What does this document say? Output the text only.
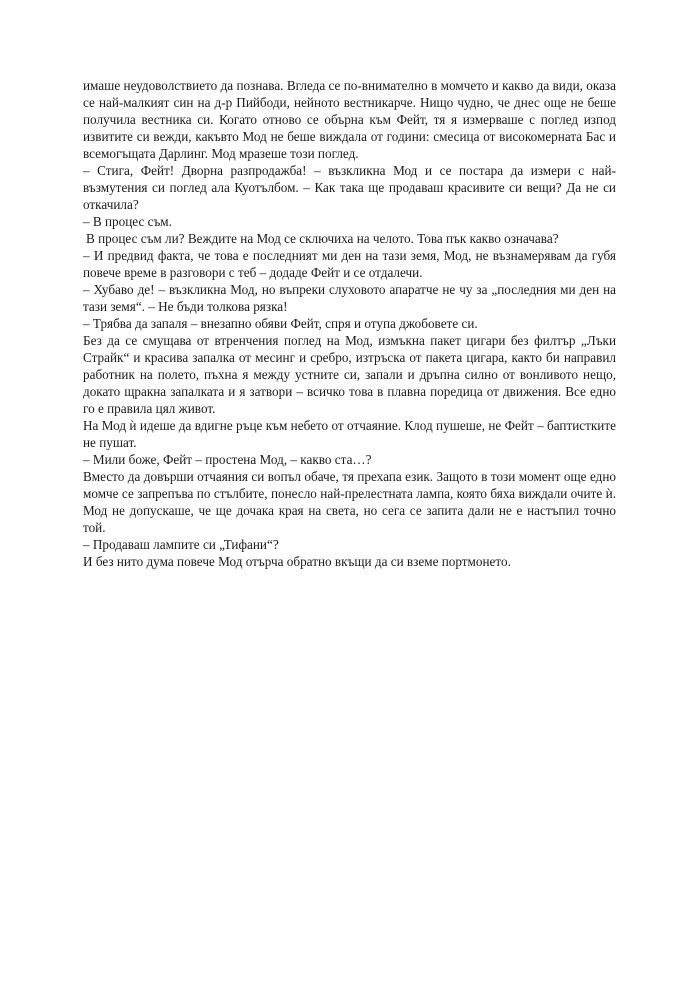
имаше неудоволствието да познава. Вгледа се по-внимателно в момчето и какво да види, оказа се най-малкият син на д-р Пийбоди, нейното вестникарче. Нищо чудно, че днес още не беше получила вестника си. Когато отново се обърна към Фейт, тя я измерваше с поглед изпод извитите си вежди, какъвто Мод не беше виждала от години: смесица от високомерната Бас и всемогъщата Дарлинг. Мод мразеше този поглед.

– Стига, Фейт! Дворна разпродажба! – възкликна Мод и се постара да измери с най-възмутения си поглед ала Куотълбом. – Как така ще продаваш красивите си вещи? Да не си откачила?

– В процес съм.

В процес съм ли? Веждите на Мод се сключиха на челото. Това пък какво означава?

– И предвид факта, че това е последният ми ден на тази земя, Мод, не възнамерявам да губя повече време в разговори с теб – додаде Фейт и се отдалечи.

– Хубаво де! – възкликна Мод, но въпреки слуховото апаратче не чу за „последния ми ден на тази земя“. – Не бъди толкова рязка!

– Трябва да запаля – внезапно обяви Фейт, спря и отупа джобовете си.

Без да се смущава от втренчения поглед на Мод, измъкна пакет цигари без филтър „Лъки Страйк“ и красива запалка от месинг и сребро, изтръска от пакета цигара, както би направил работник на полето, пъхна я между устните си, запали и дръпна силно от вонливото нещо, докато щракна запалката и я затвори – всичко това в плавна поредица от движения. Все едно го е правила цял живот.

На Мод ѝ идеше да вдигне ръце към небето от отчаяние. Клод пушеше, не Фейт – баптистките не пушат.

– Мили боже, Фейт – простена Мод, – какво ста…?

Вместо да довърши отчаяния си вопъл обаче, тя прехапа език. Защото в този момент още едно момче се запрепъва по стълбите, понесло най-прелестната лампа, която бяха виждали очите ѝ. Мод не допускаше, че ще дочака края на света, но сега се запита дали не е настъпил точно той.

– Продаваш лампите си „Тифани“?

И без нито дума повече Мод отърча обратно вкъщи да си вземе портмонето.
